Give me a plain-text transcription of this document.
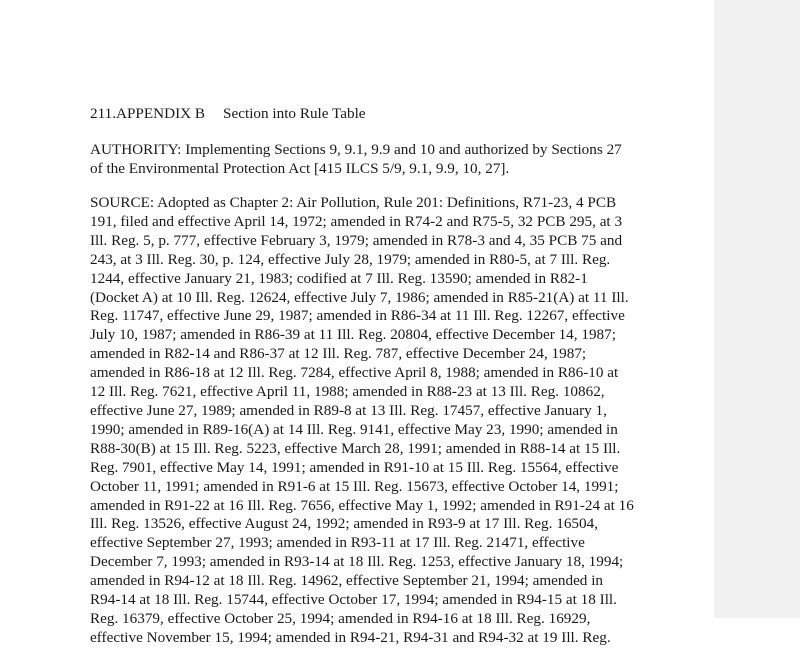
211.APPENDIX B Section into Rule Table
AUTHORITY: Implementing Sections 9, 9.1, 9.9 and 10 and authorized by Sections 27
of the Environmental Protection Act [415 ILCS 5/9, 9.1, 9.9, 10, 27].
SOURCE: Adopted as Chapter 2: Air Pollution, Rule 201: Definitions, R71-23, 4 PCB
191, filed and effective April 14, 1972; amended in R74-2 and R75-5, 32 PCB 295, at 3
Ill. Reg. 5, p. 777, effective February 3, 1979; amended in R78-3 and 4, 35 PCB 75 and
243, at 3 Ill. Reg. 30, p. 124, effective July 28, 1979; amended in R80-5, at 7 Ill. Reg.
1244, effective January 21, 1983; codified at 7 Ill. Reg. 13590; amended in R82-1
(Docket A) at 10 Ill. Reg. 12624, effective July 7, 1986; amended in R85-21(A) at 11 Ill.
Reg. 11747, effective June 29, 1987; amended in R86-34 at 11 Ill. Reg. 12267, effective
July 10, 1987; amended in R86-39 at 11 Ill. Reg. 20804, effective December 14, 1987;
amended in R82-14 and R86-37 at 12 Ill. Reg. 787, effective December 24, 1987;
amended in R86-18 at 12 Ill. Reg. 7284, effective April 8, 1988; amended in R86-10 at
12 Ill. Reg. 7621, effective April 11, 1988; amended in R88-23 at 13 Ill. Reg. 10862,
effective June 27, 1989; amended in R89-8 at 13 Ill. Reg. 17457, effective January 1,
1990; amended in R89-16(A) at 14 Ill. Reg. 9141, effective May 23, 1990; amended in
R88-30(B) at 15 Ill. Reg. 5223, effective March 28, 1991; amended in R88-14 at 15 Ill.
Reg. 7901, effective May 14, 1991; amended in R91-10 at 15 Ill. Reg. 15564, effective
October 11, 1991; amended in R91-6 at 15 Ill. Reg. 15673, effective October 14, 1991;
amended in R91-22 at 16 Ill. Reg. 7656, effective May 1, 1992; amended in R91-24 at 16
Ill. Reg. 13526, effective August 24, 1992; amended in R93-9 at 17 Ill. Reg. 16504,
effective September 27, 1993; amended in R93-11 at 17 Ill. Reg. 21471, effective
December 7, 1993; amended in R93-14 at 18 Ill. Reg. 1253, effective January 18, 1994;
amended in R94-12 at 18 Ill. Reg. 14962, effective September 21, 1994; amended in
R94-14 at 18 Ill. Reg. 15744, effective October 17, 1994; amended in R94-15 at 18 Ill.
Reg. 16379, effective October 25, 1994; amended in R94-16 at 18 Ill. Reg. 16929,
effective November 15, 1994; amended in R94-21, R94-31 and R94-32 at 19 Ill. Reg.
